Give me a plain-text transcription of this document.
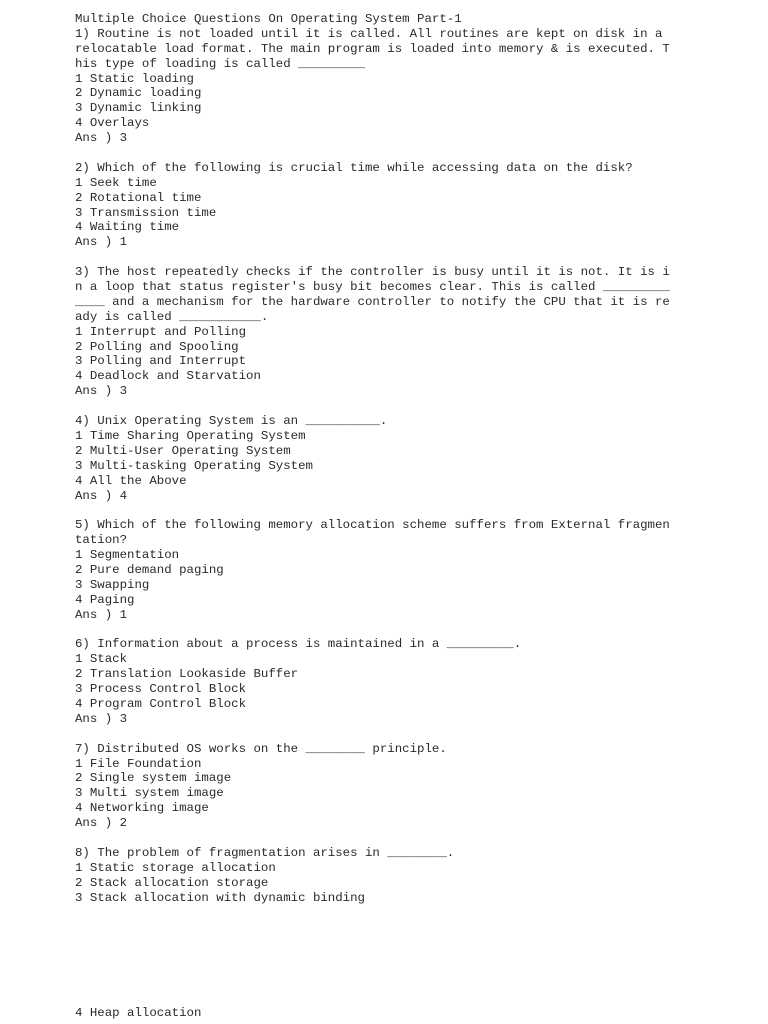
Multiple Choice Questions On Operating System Part-1
1) Routine is not loaded until it is called. All routines are kept on disk in a
relocatable load format. The main program is loaded into memory & is executed. T
his type of loading is called _________
1 Static loading
2 Dynamic loading
3 Dynamic linking
4 Overlays
Ans ) 3
2) Which of the following is crucial time while accessing data on the disk?
1 Seek time
2 Rotational time
3 Transmission time
4 Waiting time
Ans ) 1
3) The host repeatedly checks if the controller is busy until it is not. It is i
n a loop that status register's busy bit becomes clear. This is called _________
____ and a mechanism for the hardware controller to notify the CPU that it is re
ady is called ___________.
1 Interrupt and Polling
2 Polling and Spooling
3 Polling and Interrupt
4 Deadlock and Starvation
Ans ) 3
4) Unix Operating System is an __________.
1 Time Sharing Operating System
2 Multi-User Operating System
3 Multi-tasking Operating System
4 All the Above
Ans ) 4
5) Which of the following memory allocation scheme suffers from External fragmen
tation?
1 Segmentation
2 Pure demand paging
3 Swapping
4 Paging
Ans ) 1
6) Information about a process is maintained in a _________.
1 Stack
2 Translation Lookaside Buffer
3 Process Control Block
4 Program Control Block
Ans ) 3
7) Distributed OS works on the ________ principle.
1 File Foundation
2 Single system image
3 Multi system image
4 Networking image
Ans ) 2
8) The problem of fragmentation arises in ________.
1 Static storage allocation
2 Stack allocation storage
3 Stack allocation with dynamic binding
4 Heap allocation
